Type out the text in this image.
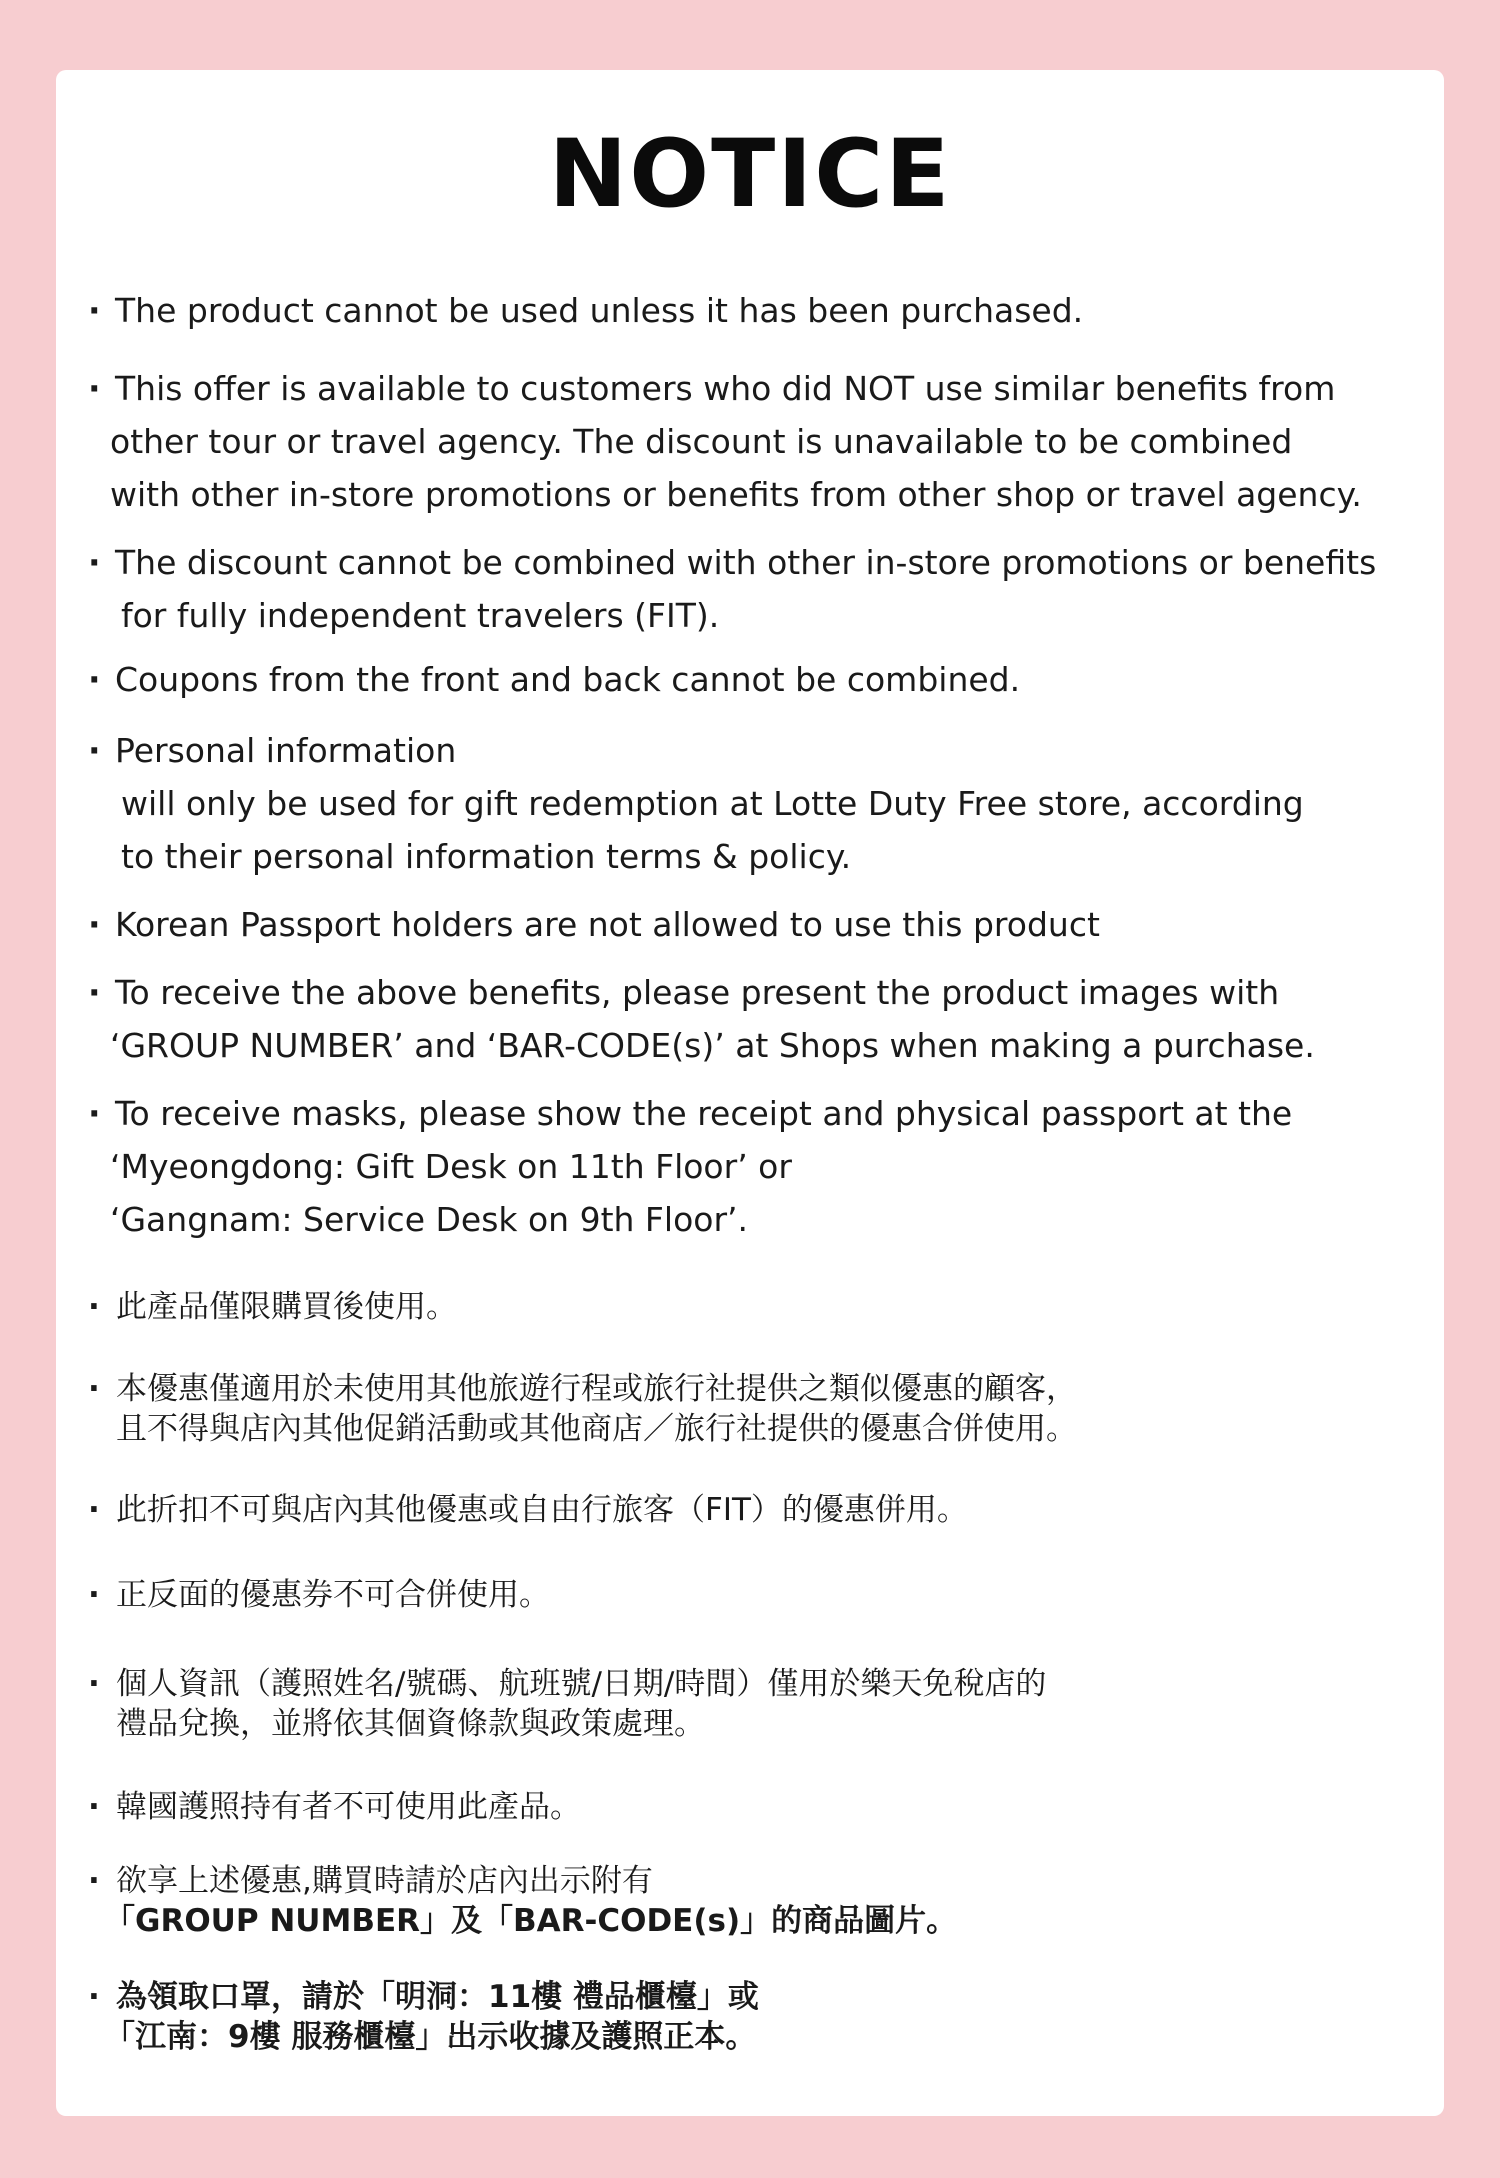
NOTICE
· The product cannot be used unless it has been purchased.
· This offer is available to customers who did NOT use similar benefits from
other tour or travel agency. The discount is unavailable to be combined
with other in-store promotions or benefits from other shop or travel agency.
· The discount cannot be combined with other in-store promotions or benefits
for fully independent travelers (FIT).
· Coupons from the front and back cannot be combined.
· Personal information
will only be used for gift redemption at Lotte Duty Free store, according
to their personal information terms & policy.
· Korean Passport holders are not allowed to use this product
· To receive the above benefits, please present the product images with
‘GROUP NUMBER’ and ‘BAR-CODE(s)’ at Shops when making a purchase.
· To receive masks, please show the receipt and physical passport at the
‘Myeongdong: Gift Desk on 11th Floor’ or
‘Gangnam: Service Desk on 9th Floor’.
· 此產品僅限購買後使用。
· 本優惠僅適用於未使用其他旅遊行程或旅行社提供之類似優惠的顧客，
且不得與店內其他促銷活動或其他商店／旅行社提供的優惠合併使用。
· 此折扣不可與店內其他優惠或自由行旅客（FIT）的優惠併用。
· 正反面的優惠券不可合併使用。
· 個人資訊（護照姓名/號碼、航班號/日期/時間）僅用於樂天免稅店的
禮品兌換，並將依其個資條款與政策處理。
· 韓國護照持有者不可使用此產品。
· 欲享上述優惠,購買時請於店內出示附有
「GROUP NUMBER」及「BAR-CODE(s)」的商品圖片。
· 為領取口罩，請於「明洞：11樓 禮品櫃檯」或
「江南：9樓 服務櫃檯」出示收據及護照正本。
